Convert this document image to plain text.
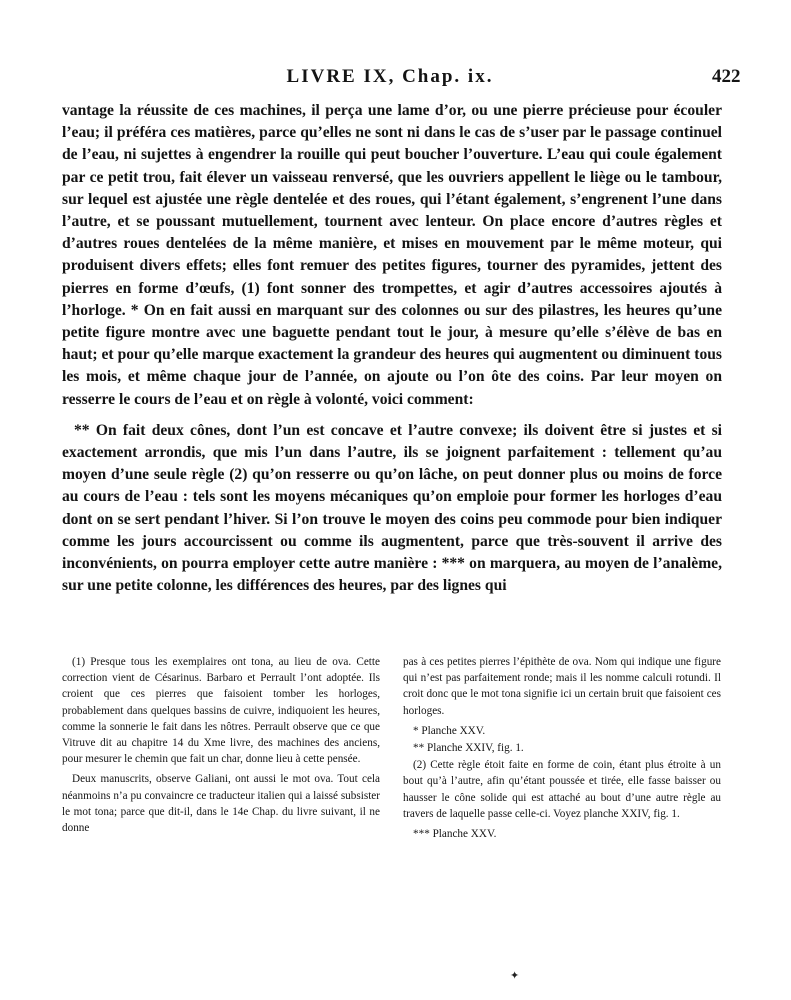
LIVRE IX, Chap. ix.	422

vantage la réussite de ces machines, il perça une lame d’or, ou une pierre précieuse pour écouler l’eau; il préféra ces matières, parce qu’elles ne sont ni dans le cas de s’user par le passage continuel de l’eau, ni sujettes à engendrer la rouille qui peut boucher l’ouverture. L’eau qui coule également par ce petit trou, fait élever un vaisseau renversé, que les ouvriers appellent le liège ou le tambour, sur lequel est ajustée une règle dentelée et des roues, qui l’étant également, s’engrenent l’une dans l’autre, et se poussant mutuellement, tournent avec lenteur. On place encore d’autres règles et d’autres roues dentelées de la même manière, et mises en mouvement par le même moteur, qui produisent divers effets; elles font remuer des petites figures, tourner des pyramides, jettent des pierres en forme d’œufs, (1) font sonner des trompettes, et agir d’autres accessoires ajoutés à l’horloge. * On en fait aussi en marquant sur des colonnes ou sur des pilastres, les heures qu’une petite figure montre avec une baguette pendant tout le jour, à mesure qu’elle s’élève de bas en haut; et pour qu’elle marque exactement la grandeur des heures qui augmentent ou diminuent tous les mois, et même chaque jour de l’année, on ajoute ou l’on ôte des coins. Par leur moyen on resserre le cours de l’eau et on règle à volonté, voici comment:

** On fait deux cônes, dont l’un est concave et l’autre convexe; ils doivent être si justes et si exactement arrondis, que mis l’un dans l’autre, ils se joignent parfaitement : tellement qu’au moyen d’une seule règle (2) qu’on resserre ou qu’on lâche, on peut donner plus ou moins de force au cours de l’eau : tels sont les moyens mécaniques qu’on emploie pour former les horloges d’eau dont on se sert pendant l’hiver. Si l’on trouve le moyen des coins peu commode pour bien indiquer comme les jours accourcissent ou comme ils augmentent, parce que très-souvent il arrive des inconvénients, on pourra employer cette autre manière : *** on marquera, au moyen de l’analème, sur une petite colonne, les différences des heures, par des lignes qui

(1) Presque tous les exemplaires ont tona, au lieu de ova. Cette correction vient de Césarinus. Barbaro et Perrault l’ont adoptée. Ils croient que ces pierres que faisoient tomber les horloges, probablement dans quelques bassins de cuivre, indiquoient les heures, comme la sonnerie le fait dans les nôtres. Perrault observe que ce que Vitruve dit au chapitre 14 du Xme livre, des machines des anciens, pour mesurer le chemin que fait un char, donne lieu à cette pensée.

Deux manuscrits, observe Galiani, ont aussi le mot ova. Tout cela néanmoins n’a pu convaincre ce traducteur italien qui a laissé subsister le mot tona; parce que dit-il, dans le 14e Chap. du livre suivant, il ne donne

pas à ces petites pierres l’épithète de ova. Nom qui indique une figure qui n’est pas parfaitement ronde; mais il les nomme calculi rotundi. Il croit donc que le mot tona signifie ici un certain bruit que faisoient ces horloges.

* Planche XXV.

** Planche XXIV, fig. 1.

(2) Cette règle étoit faite en forme de coin, étant plus étroite à un bout qu’à l’autre, afin qu’étant poussée et tirée, elle fasse baisser ou hausser le cône solide qui est attaché au bout d’une autre règle au travers de laquelle passe celle-ci. Voyez planche XXIV, fig. 1.

*** Planche XXV.

✦
